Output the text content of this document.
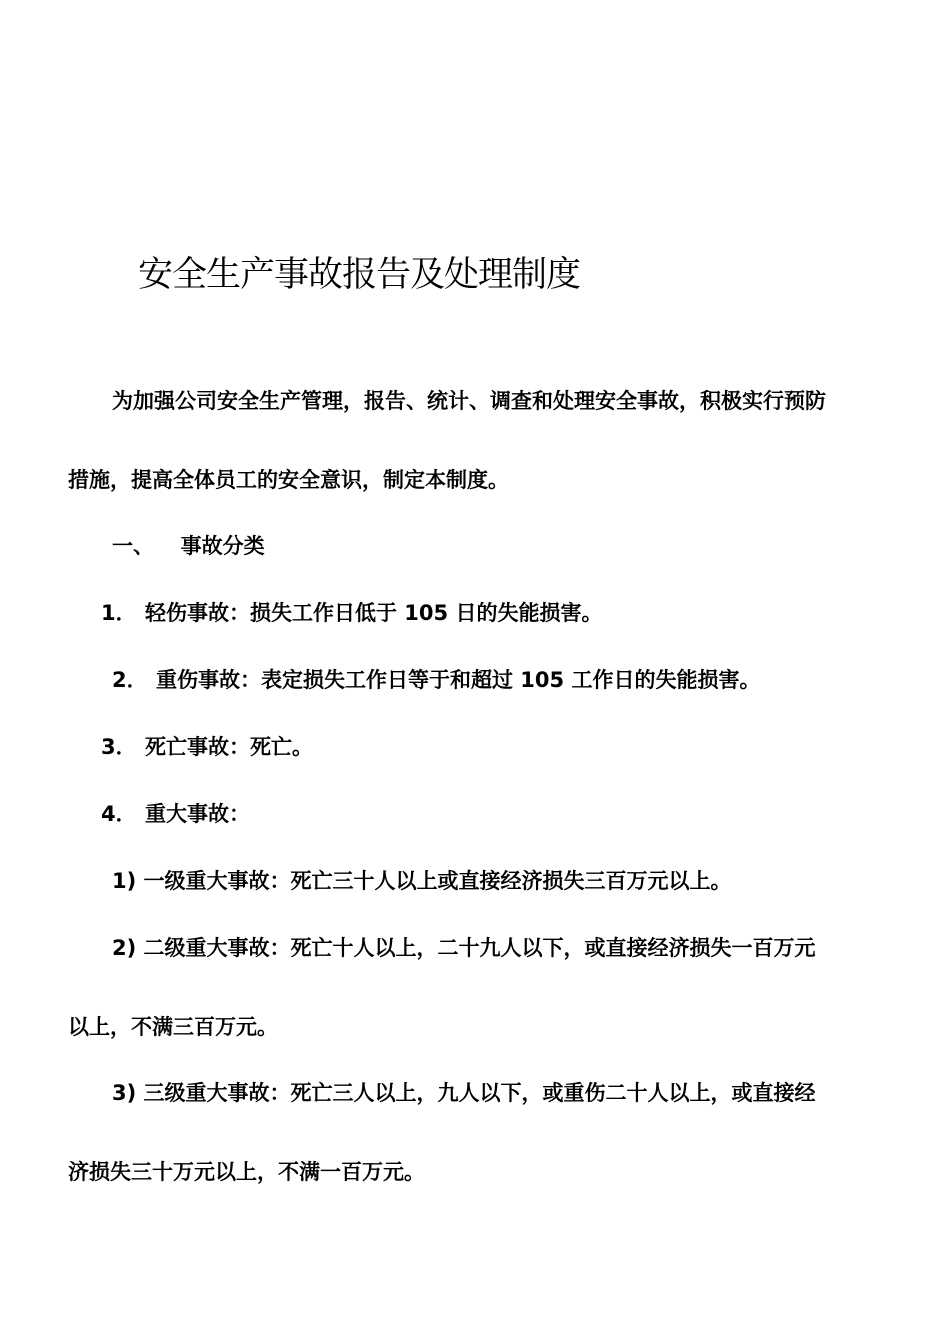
安全生产事故报告及处理制度
为加强公司安全生产管理，报告、统计、调查和处理安全事故，积极实行预防
措施，提高全体员工的安全意识，制定本制度。
一、 事故分类
1． 轻伤事故：损失工作日低于 105 日的失能损害。
2． 重伤事故：表定损失工作日等于和超过 105 工作日的失能损害。
3． 死亡事故：死亡。
4． 重大事故：
1) 一级重大事故：死亡三十人以上或直接经济损失三百万元以上。
2) 二级重大事故：死亡十人以上，二十九人以下，或直接经济损失一百万元
以上，不满三百万元。
3) 三级重大事故：死亡三人以上，九人以下，或重伤二十人以上，或直接经
济损失三十万元以上，不满一百万元。
